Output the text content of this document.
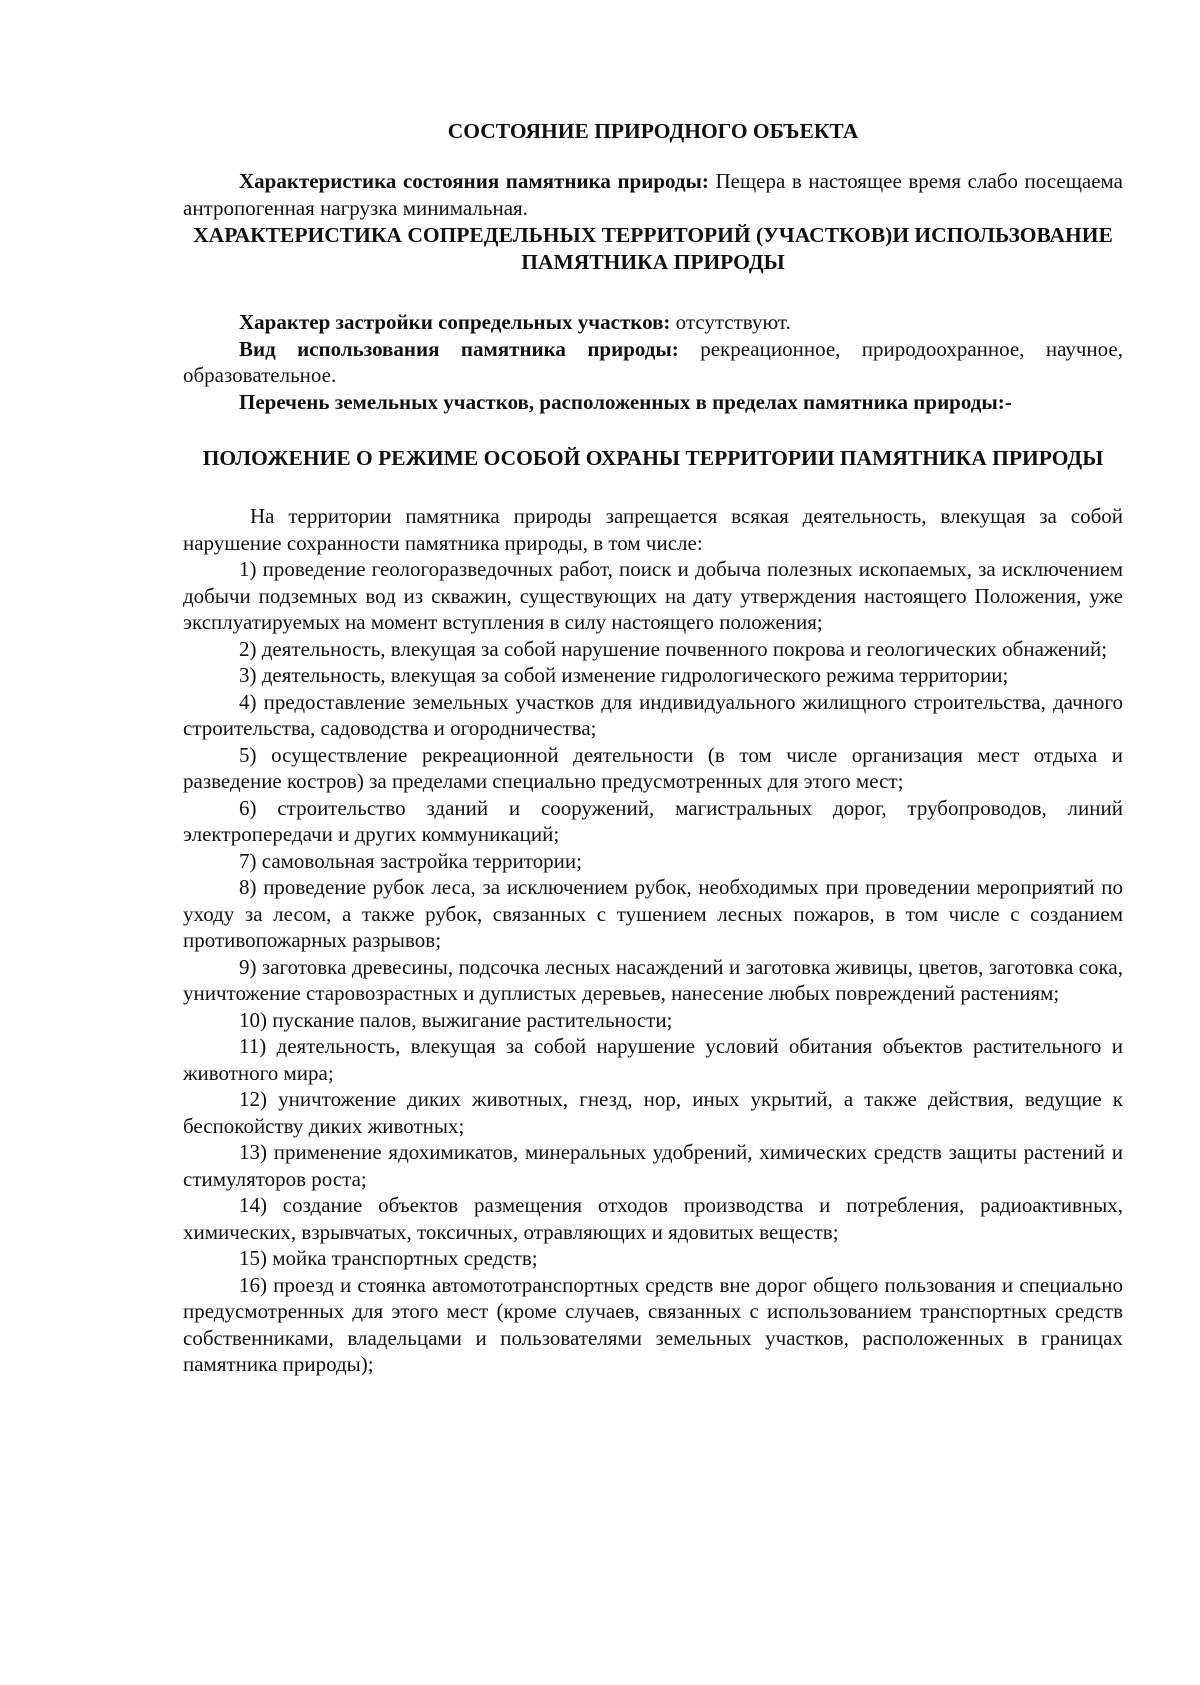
СОСТОЯНИЕ ПРИРОДНОГО ОБЪЕКТА

Характеристика состояния памятника природы: Пещера в настоящее время слабо посещаема антропогенная нагрузка минимальная.

ХАРАКТЕРИСТИКА СОПРЕДЕЛЬНЫХ ТЕРРИТОРИЙ (УЧАСТКОВ)И ИСПОЛЬЗОВАНИЕ ПАМЯТНИКА ПРИРОДЫ

Характер застройки сопредельных участков: отсутствуют.

Вид использования памятника природы: рекреационное, природоохранное, научное, образовательное.

Перечень земельных участков, расположенных в пределах памятника природы:-

ПОЛОЖЕНИЕ О РЕЖИМЕ ОСОБОЙ ОХРАНЫ ТЕРРИТОРИИ ПАМЯТНИКА ПРИРОДЫ

На территории памятника природы запрещается всякая деятельность, влекущая за собой нарушение сохранности памятника природы, в том числе:

1) проведение геологоразведочных работ, поиск и добыча полезных ископаемых, за исключением добычи подземных вод из скважин, существующих на дату утверждения настоящего Положения, уже эксплуатируемых на момент вступления в силу настоящего положения;

2) деятельность, влекущая за собой нарушение почвенного покрова и геологических обнажений;

3) деятельность, влекущая за собой изменение гидрологического режима территории;

4) предоставление земельных участков для индивидуального жилищного строительства, дачного строительства, садоводства и огородничества;

5) осуществление рекреационной деятельности (в том числе организация мест отдыха и разведение костров) за пределами специально предусмотренных для этого мест;

6) строительство зданий и сооружений, магистральных дорог, трубопроводов, линий электропередачи и других коммуникаций;

7) самовольная застройка территории;

8) проведение рубок леса, за исключением рубок, необходимых при проведении мероприятий по уходу за лесом, а также рубок, связанных с тушением лесных пожаров, в том числе с созданием противопожарных разрывов;

9) заготовка древесины, подсочка лесных насаждений и заготовка живицы, цветов, заготовка сока, уничтожение старовозрастных и дуплистых деревьев, нанесение любых повреждений растениям;

10) пускание палов, выжигание растительности;

11) деятельность, влекущая за собой нарушение условий обитания объектов растительного и животного мира;

12) уничтожение диких животных, гнезд, нор, иных укрытий, а также действия, ведущие к беспокойству диких животных;

13) применение ядохимикатов, минеральных удобрений, химических средств защиты растений и стимуляторов роста;

14) создание объектов размещения отходов производства и потребления, радиоактивных, химических, взрывчатых, токсичных, отравляющих и ядовитых веществ;

15) мойка транспортных средств;

16) проезд и стоянка автомототранспортных средств вне дорог общего пользования и специально предусмотренных для этого мест (кроме случаев, связанных с использованием транспортных средств собственниками, владельцами и пользователями земельных участков, расположенных в границах памятника природы);
